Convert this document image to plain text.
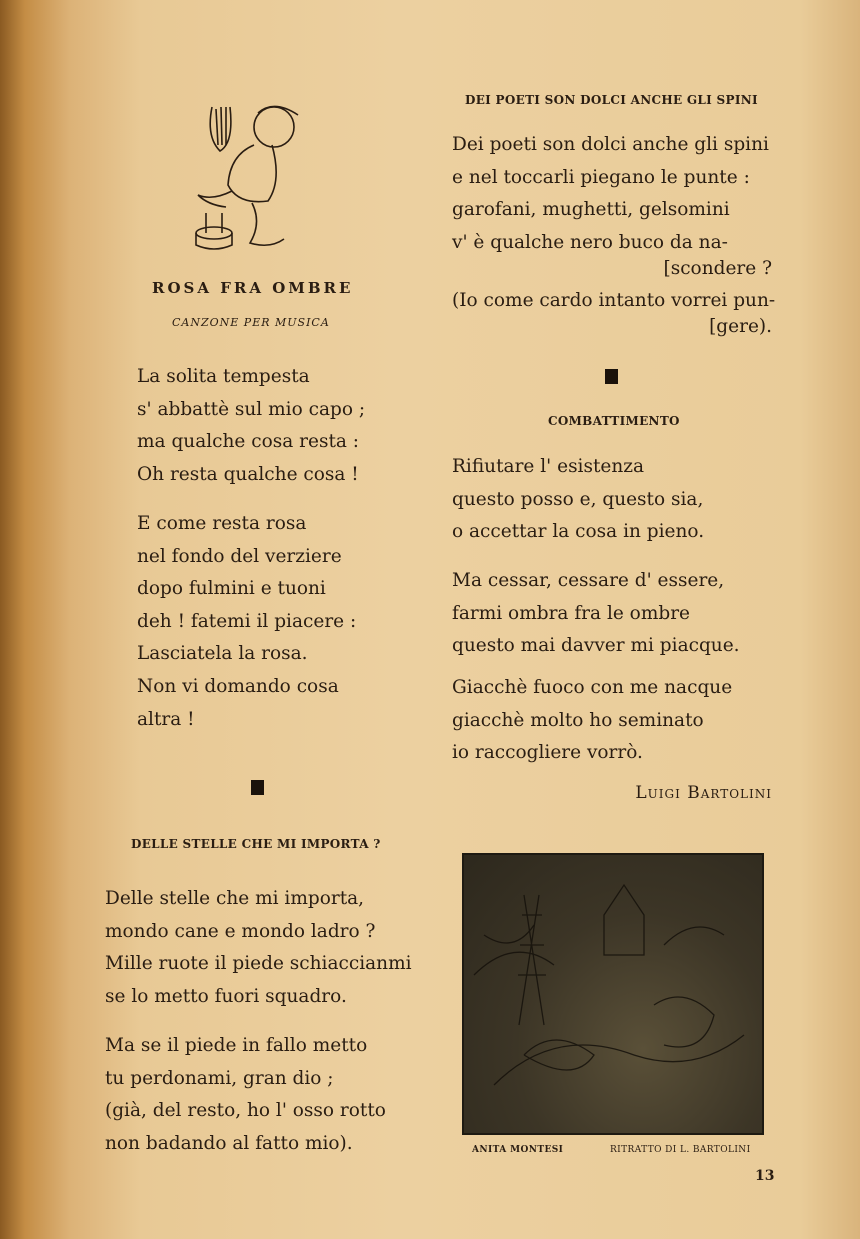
ROSA FRA OMBRE
CANZONE PER MUSICA
La solita tempesta
s' abbattè sul mio capo ;
ma qualche cosa resta :
Oh resta qualche cosa !
E come resta rosa
nel fondo del verziere
dopo fulmini e tuoni
deh ! fatemi il piacere :
Lasciatela la rosa.
Non vi domando cosa
altra !
DELLE STELLE CHE MI IMPORTA ?
Delle stelle che mi importa,
mondo cane e mondo ladro ?
Mille ruote il piede schiaccianmi
se lo metto fuori squadro.
Ma se il piede in fallo metto
tu perdonami, gran dio ;
(già, del resto, ho l' osso rotto
non badando al fatto mio).
DEI POETI SON DOLCI ANCHE GLI SPINI
Dei poeti son dolci anche gli spini
e nel toccarli piegano le punte :
garofani, mughetti, gelsomini
v' è qualche nero buco da na-
[scondere ?
(Io come cardo intanto vorrei pun-
[gere).
COMBATTIMENTO
Rifiutare l' esistenza
questo posso e, questo sia,
o accettar la cosa in pieno.
Ma cessar, cessare d' essere,
farmi ombra fra le ombre
questo mai davver mi piacque.
Giacchè fuoco con me nacque
giacchè molto ho seminato
io raccogliere vorrò.
Luigi Bartolini
ANITA MONTESI	RITRATTO DI L. BARTOLINI
13
